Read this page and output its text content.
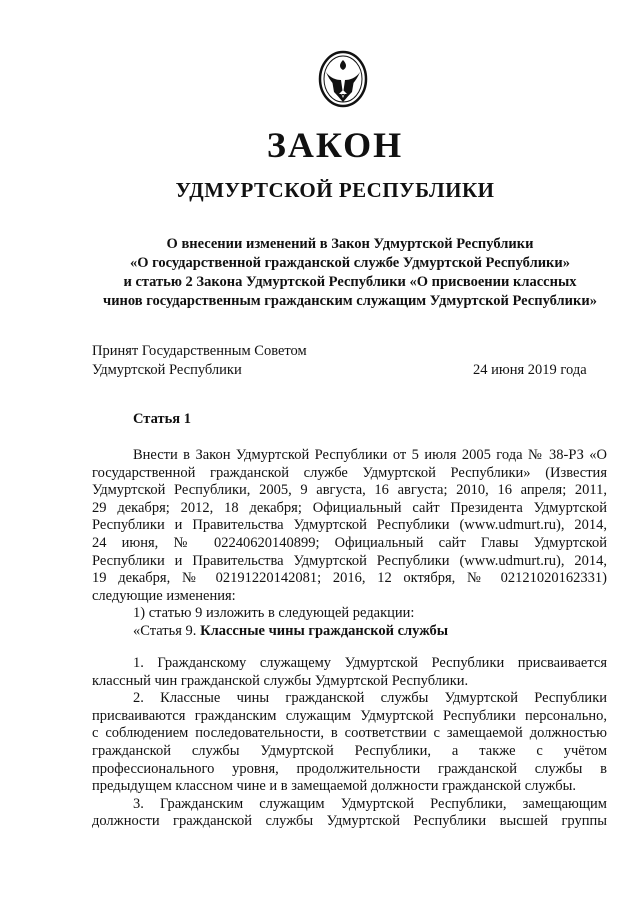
ЗАКОН
УДМУРТСКОЙ РЕСПУБЛИКИ
О внесении изменений в Закон Удмуртской Республики
«О государственной гражданской службе Удмуртской Республики»
и статью 2 Закона Удмуртской Республики «О присвоении классных
чинов государственным гражданским служащим Удмуртской Республики»
Принят Государственным Советом
Удмуртской Республики	24 июня 2019 года
Статья 1
Внести в Закон Удмуртской Республики от 5 июля 2005 года № 38-РЗ «О
государственной гражданской службе Удмуртской Республики» (Известия
Удмуртской Республики, 2005, 9 августа, 16 августа; 2010, 16 апреля; 2011,
29 декабря; 2012, 18 декабря; Официальный сайт Президента Удмуртской
Республики и Правительства Удмуртской Республики (www.udmurt.ru), 2014,
24 июня, № 02240620140899; Официальный сайт Главы Удмуртской
Республики и Правительства Удмуртской Республики (www.udmurt.ru), 2014,
19 декабря, № 02191220142081; 2016, 12 октября, № 02121020162331)
следующие изменения:
1) статью 9 изложить в следующей редакции:
«Статья 9. Классные чины гражданской службы
1. Гражданскому служащему Удмуртской Республики присваивается
классный чин гражданской службы Удмуртской Республики.
2. Классные чины гражданской службы Удмуртской Республики
присваиваются гражданским служащим Удмуртской Республики персонально,
с соблюдением последовательности, в соответствии с замещаемой должностью
гражданской службы Удмуртской Республики, а также с учётом
профессионального уровня, продолжительности гражданской службы в
предыдущем классном чине и в замещаемой должности гражданской службы.
3. Гражданским служащим Удмуртской Республики, замещающим
должности гражданской службы Удмуртской Республики высшей группы
